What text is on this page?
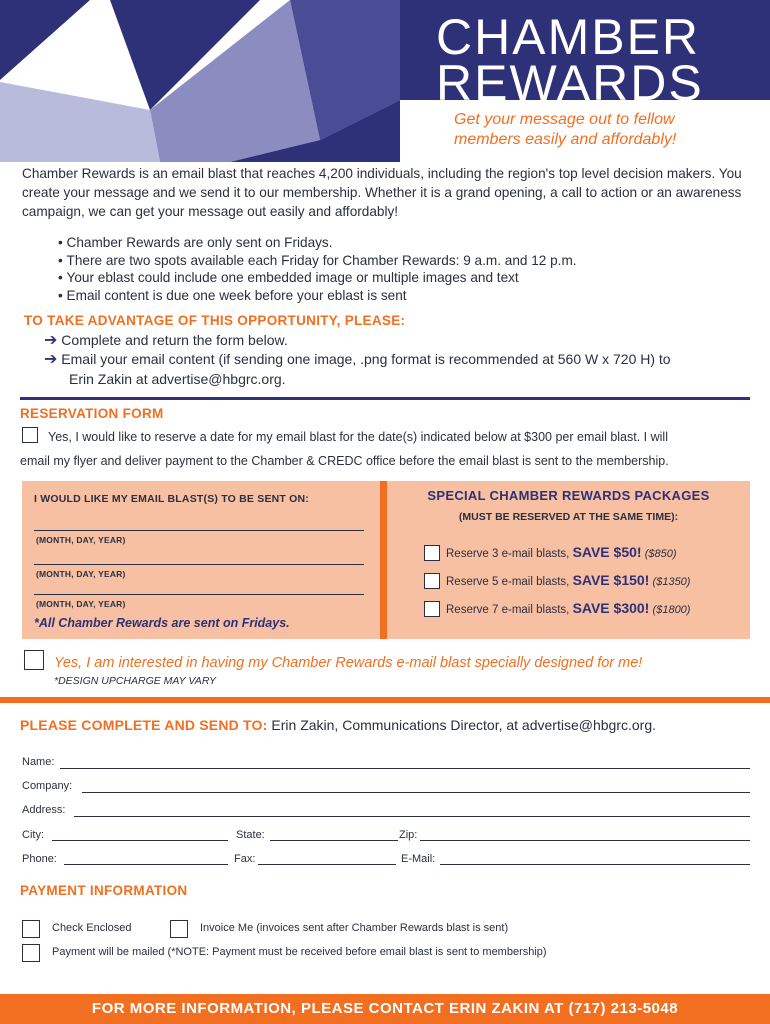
CHAMBER
REWARDS
Get your message out to fellow
members easily and affordably!
Chamber Rewards is an email blast that reaches 4,200 individuals, including the region's top level decision makers. You create your message and we send it to our membership. Whether it is a grand opening, a call to action or an awareness campaign, we can get your message out easily and affordably!
• Chamber Rewards are only sent on Fridays.
• There are two spots available each Friday for Chamber Rewards: 9 a.m. and 12 p.m.
• Your eblast could include one embedded image or multiple images and text
• Email content is due one week before your eblast is sent
TO TAKE ADVANTAGE OF THIS OPPORTUNITY, PLEASE:
➔ Complete and return the form below.
➔ Email your email content (if sending one image, .png format is recommended at 560 W x 720 H) to
Erin Zakin at advertise@hbgrc.org.
RESERVATION FORM
Yes, I would like to reserve a date for my email blast for the date(s) indicated below at $300 per email blast. I will
email my flyer and deliver payment to the Chamber & CREDC office before the email blast is sent to the membership.
I WOULD LIKE MY EMAIL BLAST(S) TO BE SENT ON:
(MONTH, DAY, YEAR)
(MONTH, DAY, YEAR)
(MONTH, DAY, YEAR)
*All Chamber Rewards are sent on Fridays.
SPECIAL CHAMBER REWARDS PACKAGES
(MUST BE RESERVED AT THE SAME TIME):
Reserve 3 e-mail blasts, SAVE $50! ($850)
Reserve 5 e-mail blasts, SAVE $150! ($1350)
Reserve 7 e-mail blasts, SAVE $300! ($1800)
Yes, I am interested in having my Chamber Rewards e-mail blast specially designed for me!
*DESIGN UPCHARGE MAY VARY
PLEASE COMPLETE AND SEND TO: Erin Zakin, Communications Director, at advertise@hbgrc.org.
Name:
Company:
Address:
City:	State:	Zip:
Phone:	Fax:	E-Mail:
PAYMENT INFORMATION
Check Enclosed	Invoice Me (invoices sent after Chamber Rewards blast is sent)
Payment will be mailed (*NOTE: Payment must be received before email blast is sent to membership)
FOR MORE INFORMATION, PLEASE CONTACT ERIN ZAKIN AT (717) 213-5048
